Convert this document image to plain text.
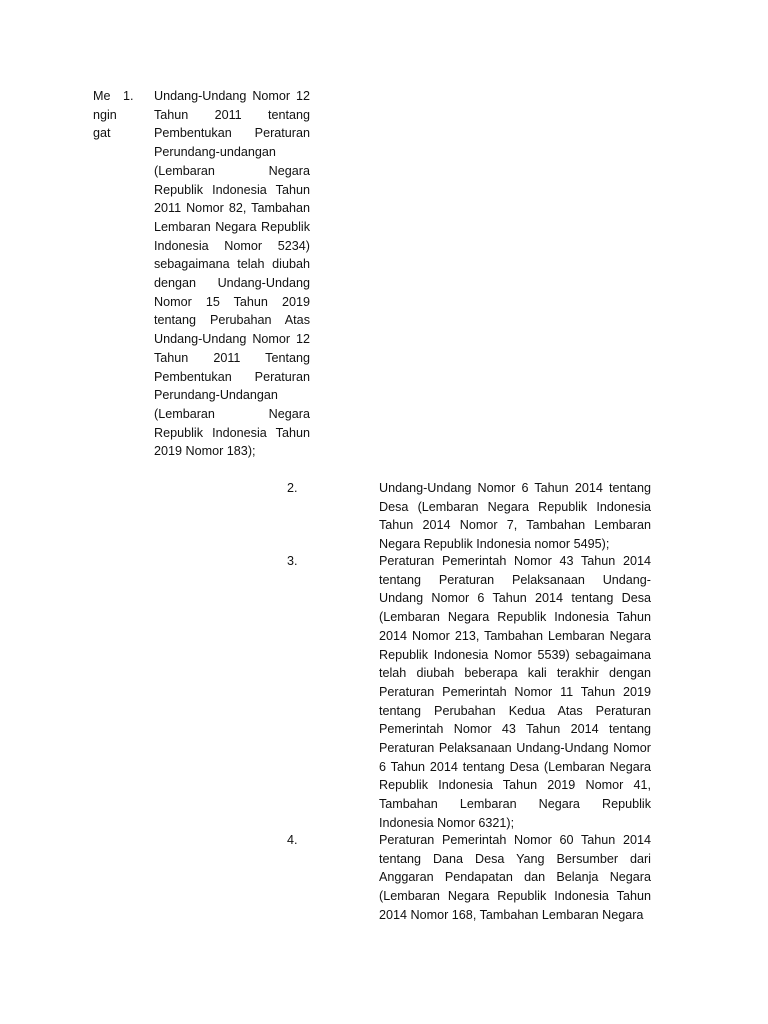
Mengingat
1. Undang-Undang Nomor 12 Tahun 2011 tentang Pembentukan Peraturan Perundang-undangan (Lembaran Negara Republik Indonesia Tahun 2011 Nomor 82, Tambahan Lembaran Negara Republik Indonesia Nomor 5234) sebagaimana telah diubah dengan Undang-Undang Nomor 15 Tahun 2019 tentang Perubahan Atas Undang-Undang Nomor 12 Tahun 2011 Tentang Pembentukan Peraturan Perundang-Undangan (Lembaran Negara Republik Indonesia Tahun 2019 Nomor 183);
2.	Undang-Undang Nomor 6 Tahun 2014 tentang Desa (Lembaran Negara Republik Indonesia Tahun 2014 Nomor 7, Tambahan Lembaran Negara Republik Indonesia nomor 5495);
3.	Peraturan Pemerintah Nomor 43 Tahun 2014 tentang Peraturan Pelaksanaan Undang-Undang Nomor 6 Tahun 2014 tentang Desa (Lembaran Negara Republik Indonesia Tahun 2014 Nomor 213, Tambahan Lembaran Negara Republik Indonesia Nomor 5539) sebagaimana telah diubah beberapa kali terakhir dengan Peraturan Pemerintah Nomor 11 Tahun 2019 tentang Perubahan Kedua Atas Peraturan Pemerintah Nomor 43 Tahun 2014 tentang Peraturan Pelaksanaan Undang-Undang Nomor 6 Tahun 2014 tentang Desa (Lembaran Negara Republik Indonesia Tahun 2019 Nomor 41, Tambahan Lembaran Negara Republik Indonesia Nomor 6321);
4.	Peraturan Pemerintah Nomor 60 Tahun 2014 tentang Dana Desa Yang Bersumber dari Anggaran Pendapatan dan Belanja Negara (Lembaran Negara Republik Indonesia Tahun 2014 Nomor 168, Tambahan Lembaran Negara
